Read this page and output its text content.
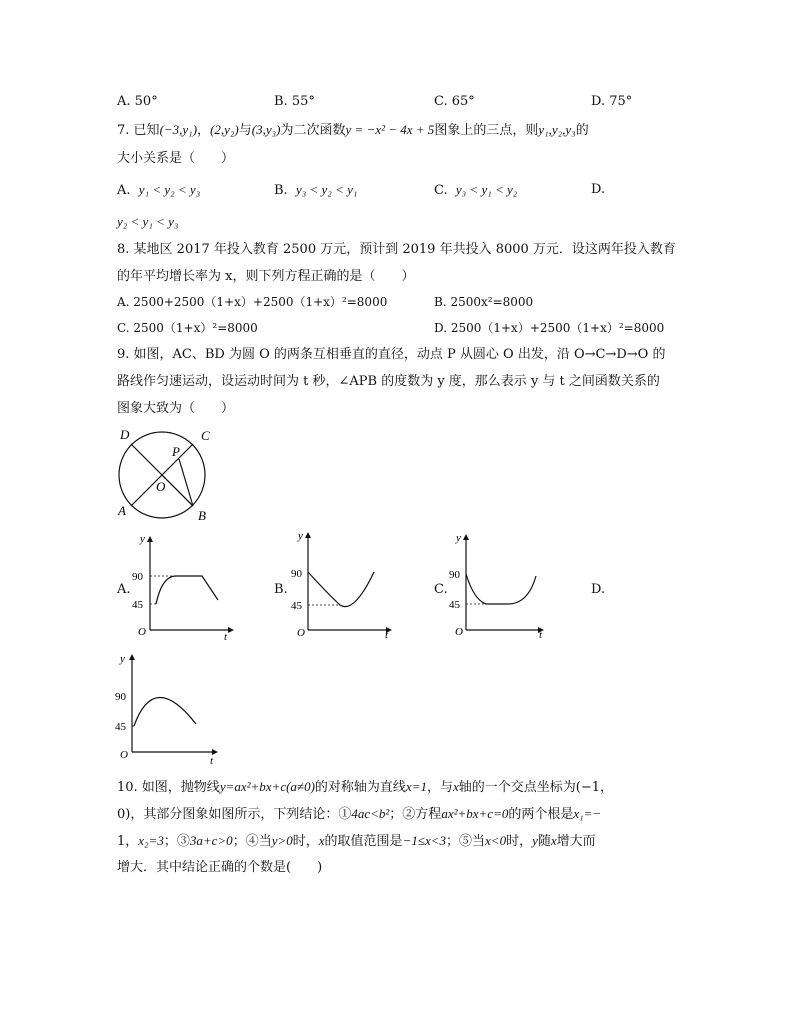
A. 50°	B. 55°	C. 65°	D. 75°
7. 已知(−3,y₁)，(2,y₂)与(3,y₃)为二次函数y = −x² − 4x + 5图象上的三点，则y₁,y₂,y₃的
大小关系是（　　）
A. y₁ < y₂ < y₃	B. y₃ < y₂ < y₁	C. y₃ < y₁ < y₂	D.
y₂ < y₁ < y₃
8. 某地区 2017 年投入教育 2500 万元，预计到 2019 年共投入 8000 万元．设这两年投入教育
的年平均增长率为 x，则下列方程正确的是（　　）
A. 2500+2500（1+x）+2500（1+x）²=8000	B. 2500x²=8000
C. 2500（1+x）²=8000	D. 2500（1+x）+2500（1+x）²=8000
9. 如图，AC、BD 为圆 O 的两条互相垂直的直径，动点 P 从圆心 O 出发，沿 O→C→D→O 的
路线作匀速运动，设运动时间为 t 秒，∠APB 的度数为 y 度，那么表示 y 与 t 之间函数关系的
图象大致为（　　）
D	C
P
O
A	B
A.	B.	C.	D.
y
90
45
O	t
y
90
45
O	t
y
90
45
O	t
y
90
45
O	t
10. 如图，抛物线y=ax²+bx+c(a≠0)的对称轴为直线x=1，与x轴的一个交点坐标为(−1，
0)，其部分图象如图所示，下列结论：①4ac<b²；②方程ax²+bx+c=0的两个根是x₁=−
1，x₂=3；③3a+c>0；④当y>0时，x的取值范围是−1≤x<3；⑤当x<0时，y随x增大而
增大．其中结论正确的个数是(　　)
